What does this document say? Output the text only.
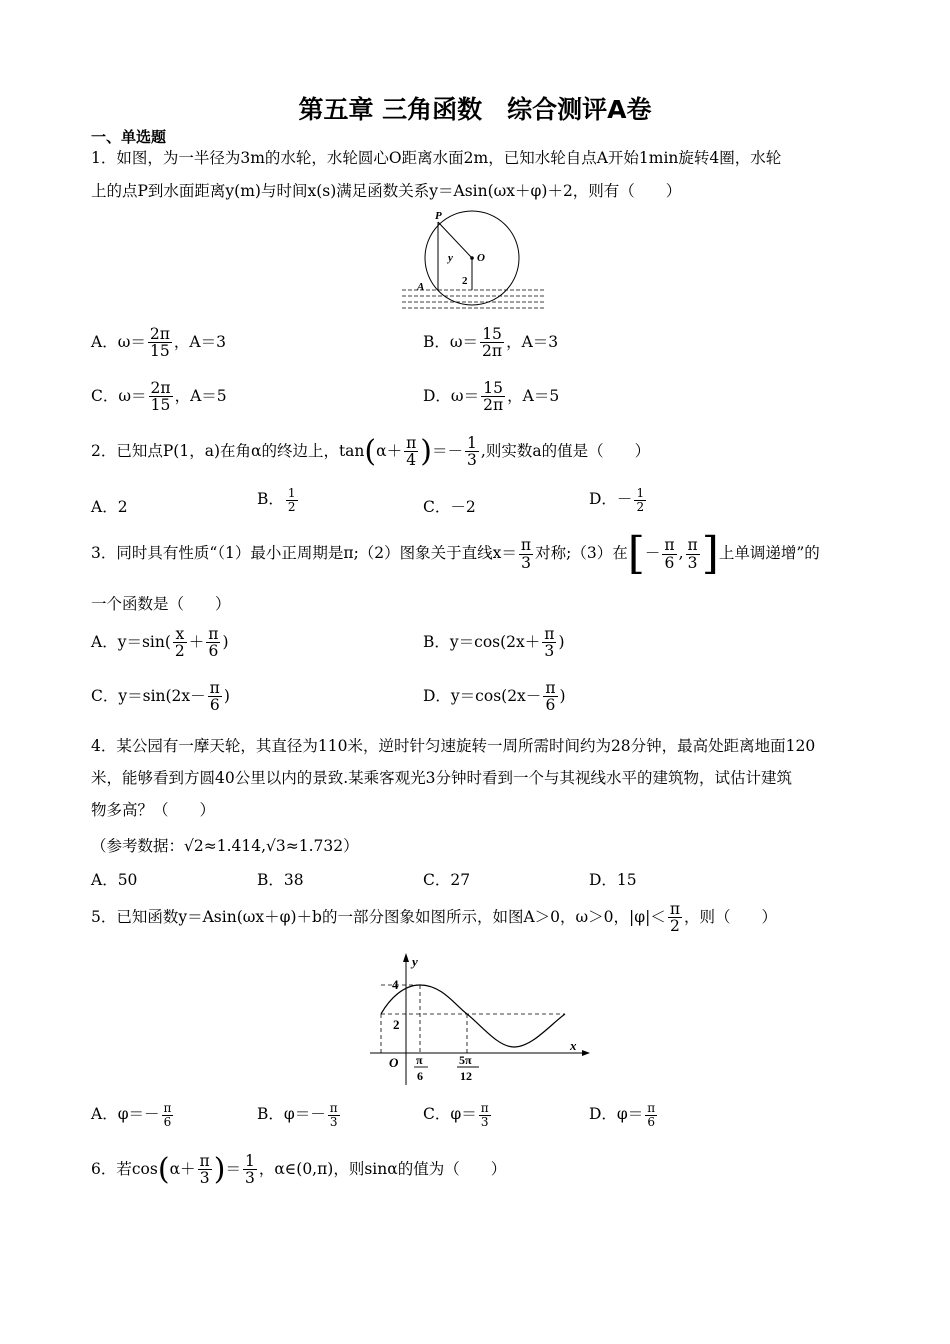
第五章 三角函数　综合测评A卷
一、单选题
1．如图，为一半径为3m的水轮，水轮圆心O距离水面2m，已知水轮自点A开始1min旋转4圈，水轮
上的点P到水面距离y(m)与时间x(s)满足函数关系y＝Asin(ωx＋φ)＋2，则有（　　）
P
O
A
y
2
A．$\omega= \frac{2\pi}{15}$ ，A＝3	B．$\omega= \frac{15}{2\pi}$ ，A＝3
C．$\omega= \frac{2\pi}{15}$ ，A＝5	D．$\omega= \frac{15}{2\pi}$ ，A＝5
2．已知点P(1，a)在角α的终边上，$\tan(\alpha+ \frac{\pi}{4}$ )＝－ $\frac{1}{3}$ ,则实数a的值是（　　）
A．2	B． $\frac{1}{2}$	C．－2	D．－ $\frac{1}{2}$
3．同时具有性质“（1）最小正周期是π;（2）图象关于直线$x= \frac{\pi}{3}$ 对称;（3）在[－ $\frac{\pi}{6}$ , $\frac{\pi}{3}$ ]上单调递增”的
一个函数是（　　）
A．$y=\sin( \frac{x}{2} + \frac{\pi}{6}$ )	B．$y=\cos(2x+ \frac{\pi}{3}$ )
C．$y=\sin(2x- \frac{\pi}{6}$ )	D．$y=\cos(2x- \frac{\pi}{6}$ )
4．某公园有一摩天轮，其直径为110米，逆时针匀速旋转一周所需时间约为28分钟，最高处距离地面120
米，能够看到方圆40公里以内的景致.某乘客观光3分钟时看到一个与其视线水平的建筑物，试估计建筑
物多高？（　　）
（参考数据：√2≈1.414,√3≈1.732）
A．50	B．38	C．27	D．15
5．已知函数y＝Asin(ωx＋φ)＋b的一部分图象如图所示，如图A＞0，ω＞0，$|\varphi|< \frac{\pi}{2}$ ，则（　　）
y
x
O
4
2
π
6
5π
12
A．$\varphi=- \frac{\pi}{6}$	B．$\varphi=- \frac{\pi}{3}$	C．$\varphi= \frac{\pi}{3}$	D．$\varphi= \frac{\pi}{6}$
6．若$\cos(\alpha+ \frac{\pi}{3}$ )＝ $\frac{1}{3}$ ，α∈(0,π)，则sinα的值为（　　）
